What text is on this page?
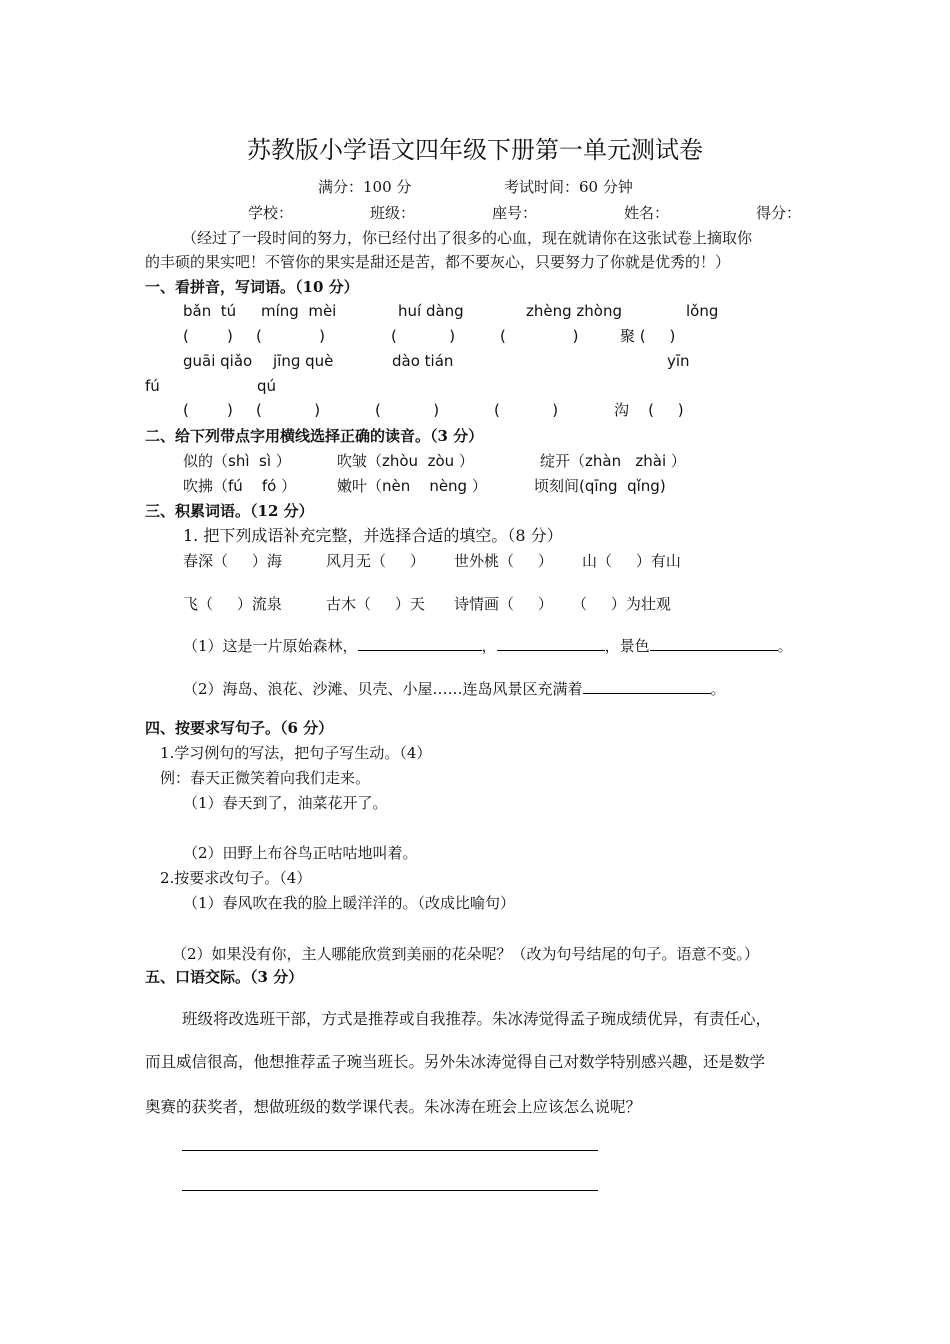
苏教版小学语文四年级下册第一单元测试卷
满分：100 分	考试时间：60 分钟
学校：	班级：	座号：	姓名：	得分：
（经过了一段时间的努力，你已经付出了很多的心血，现在就请你在这张试卷上摘取你
的丰硕的果实吧！不管你的果实是甜还是苦，都不要灰心，只要努力了你就是优秀的！）
一、看拼音，写词语。（10 分）
bǎn  tú míng  mèi	huí dàng	zhèng zhòng	lǒng
(        ) (            )	(           )	(              )	聚 (     )
guāi qiǎo jīnɡ què	dào tián	yīn
fú	qú
(        ) (           )	(           )	(           )	沟    (     )
二、给下列带点字用横线选择正确的读音。（3 分）
似的（shì  sì ）	吹皱（zhòu  zòu ）	绽开（zhàn   zhài ）
吹拂（fú    fó ）	嫩叶（nèn    nèng ）	顷刻间(qīng  qǐng)
三、积累词语。（12 分）
1. 把下列成语补充完整，并选择合适的填空。（8 分）
春深（     ）海	风月无（     ） 世外桃（     ） 山（     ）有山
飞（     ）流泉	古木（     ）天 诗情画（     ） （     ）为壮观
（1）这是一片原始森林，	，	，景色	。
（2）海岛、浪花、沙滩、贝壳、小屋……连岛风景区充满着	。
四、按要求写句子。（6 分）
1.学习例句的写法，把句子写生动。（4）
例：春天正微笑着向我们走来。
（1）春天到了，油菜花开了。
（2）田野上布谷鸟正咕咕地叫着。
2.按要求改句子。（4）
（1）春风吹在我的脸上暖洋洋的。（改成比喻句）
（2）如果没有你，主人哪能欣赏到美丽的花朵呢？（改为句号结尾的句子。语意不变。）
五、口语交际。（3 分）
班级将改选班干部，方式是推荐或自我推荐。朱冰涛觉得孟子琬成绩优异，有责任心，
而且威信很高，他想推荐孟子琬当班长。另外朱冰涛觉得自己对数学特别感兴趣，还是数学
奥赛的获奖者，想做班级的数学课代表。朱冰涛在班会上应该怎么说呢？
